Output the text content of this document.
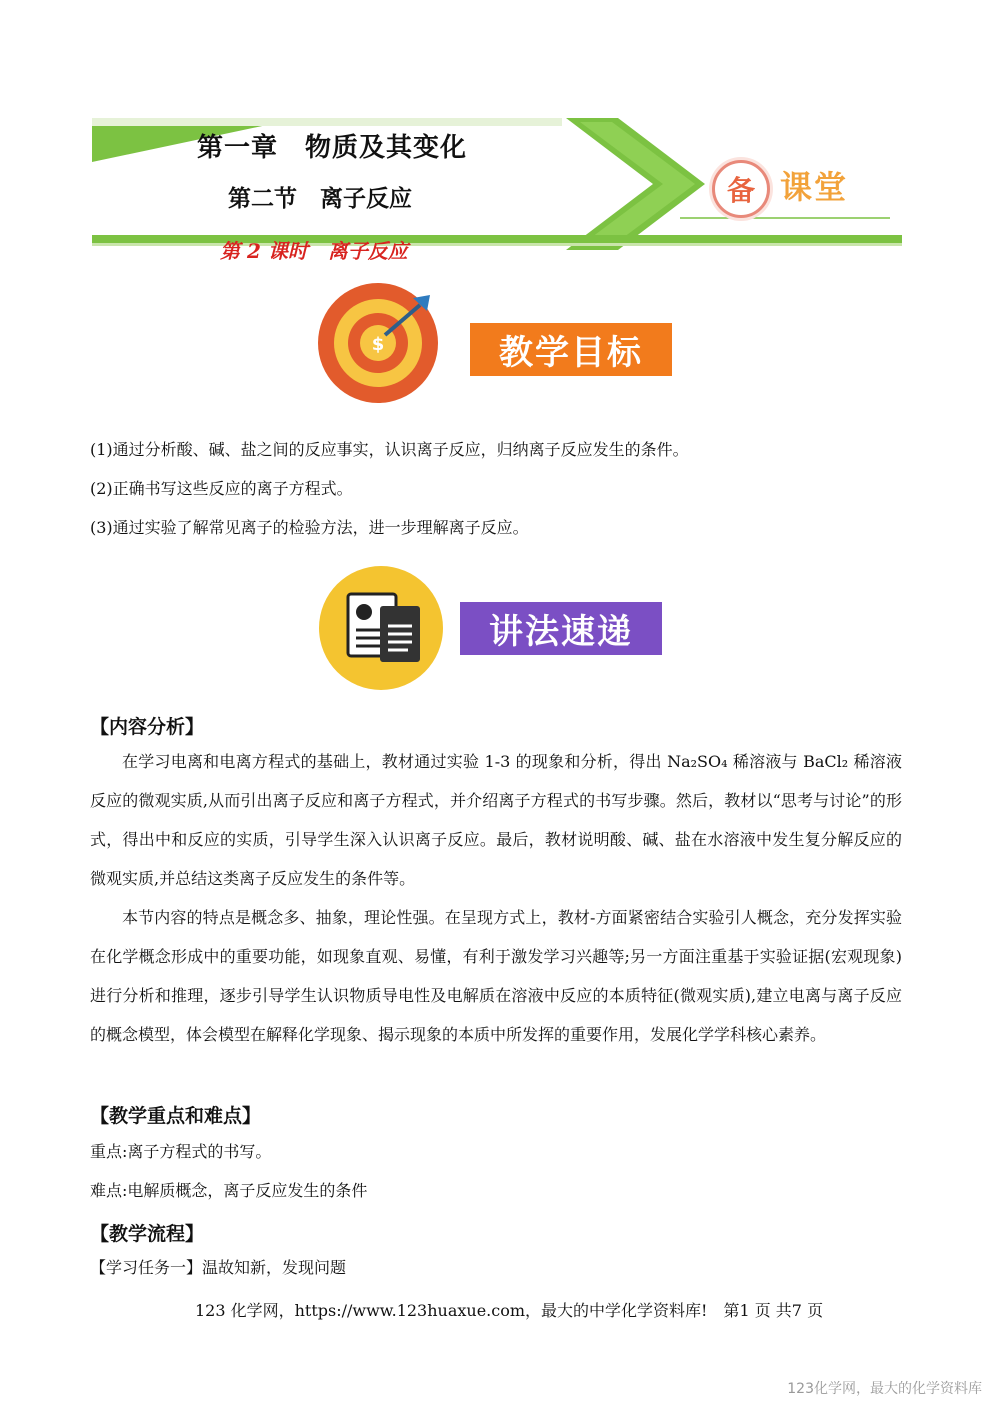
第一章　物质及其变化
第二节　离子反应
第 2 课时　离子反应
备 课堂
$	教学目标
(1)通过分析酸、碱、盐之间的反应事实，认识离子反应，归纳离子反应发生的条件。
(2)正确书写这些反应的离子方程式。
(3)通过实验了解常见离子的检验方法，进一步理解离子反应。
讲法速递
【内容分析】

在学习电离和电离方程式的基础上，教材通过实验 1-3 的现象和分析，得出 Na₂SO₄ 稀溶液与 BaCl₂ 稀溶液反应的微观实质,从而引出离子反应和离子方程式，并介绍离子方程式的书写步骤。然后，教材以“思考与讨论”的形式，得出中和反应的实质，引导学生深入认识离子反应。最后，教材说明酸、碱、盐在水溶液中发生复分解反应的微观实质,并总结这类离子反应发生的条件等。

本节内容的特点是概念多、抽象，理论性强。在呈现方式上，教材-方面紧密结合实验引人概念，充分发挥实验在化学概念形成中的重要功能，如现象直观、易懂，有利于激发学习兴趣等;另一方面注重基于实验证据(宏观现象)进行分析和推理，逐步引导学生认识物质导电性及电解质在溶液中反应的本质特征(微观实质),建立电离与离子反应的概念模型，体会模型在解释化学现象、揭示现象的本质中所发挥的重要作用，发展化学学科核心素养。

【教学重点和难点】
重点:离子方程式的书写。
难点:电解质概念，离子反应发生的条件
【教学流程】
【学习任务一】温故知新，发现问题
123 化学网，https://www.123huaxue.com，最大的中学化学资料库!　第1 页 共7 页
123化学网，最大的化学资料库
